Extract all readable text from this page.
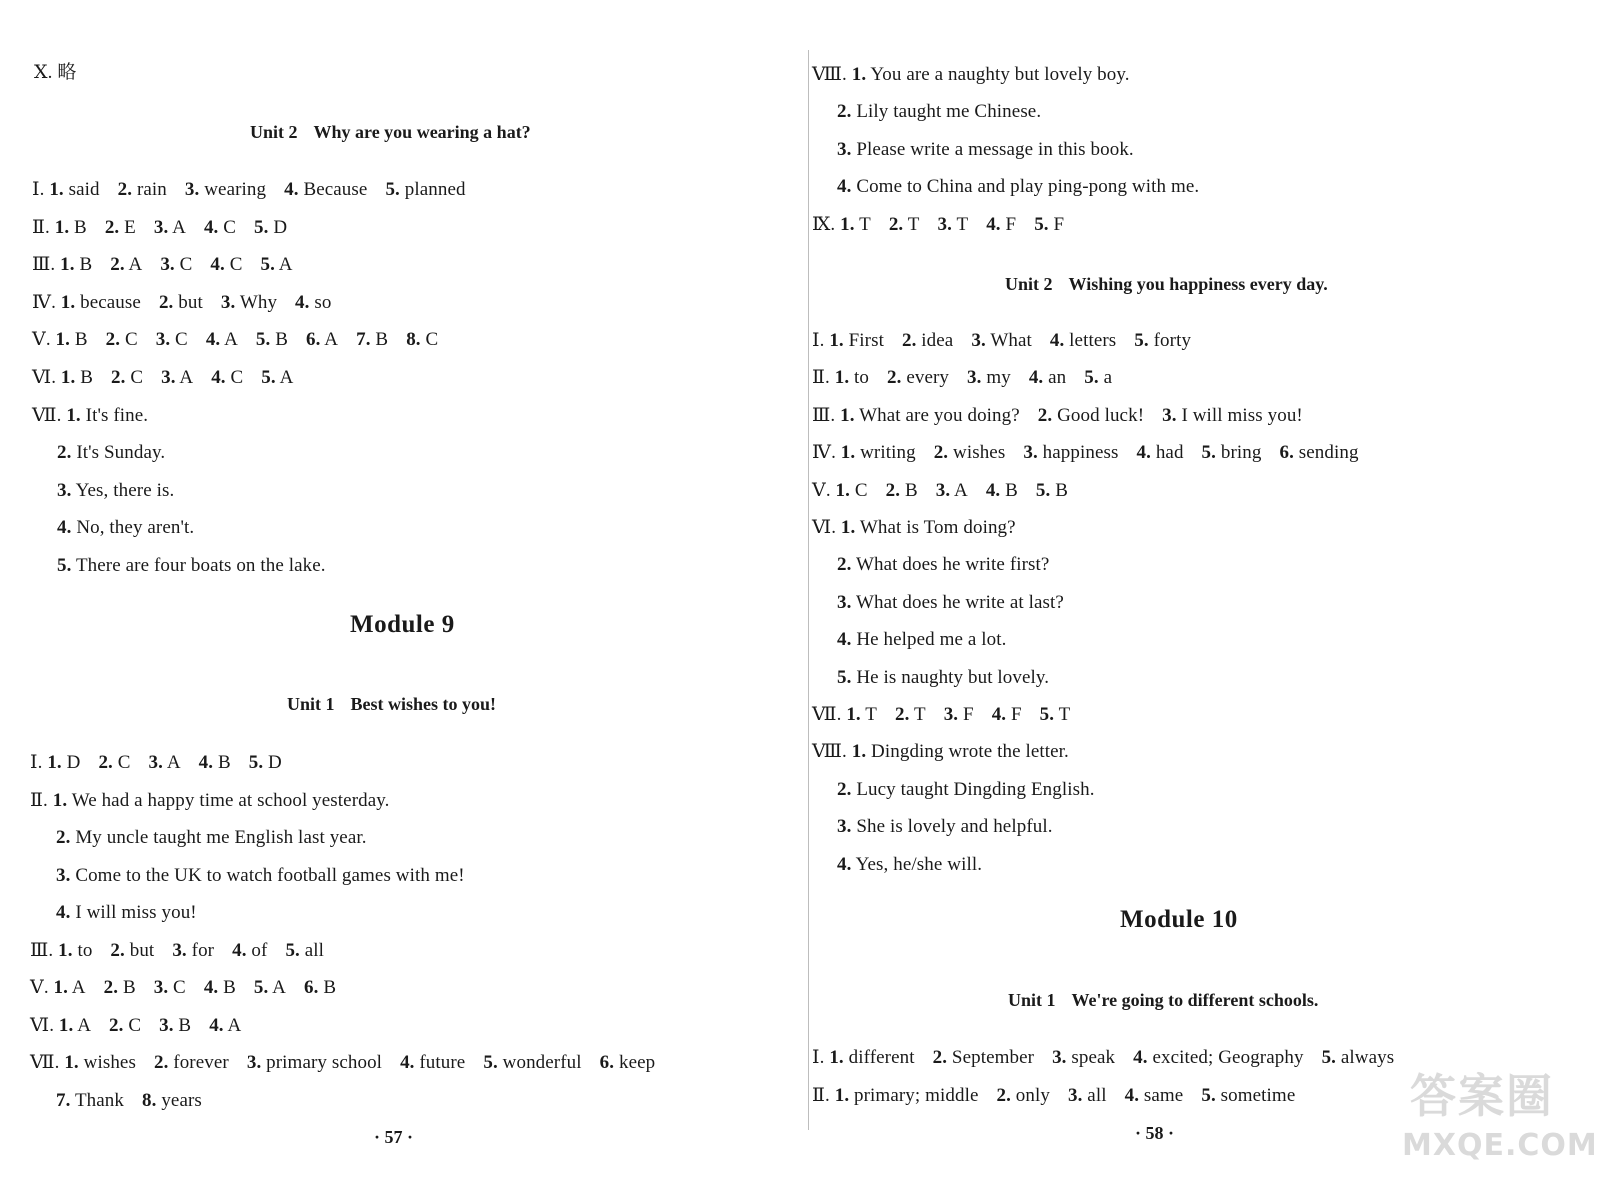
Ⅹ. 略
Unit 2 Why are you wearing a hat?
Ⅰ. 1. said 2. rain 3. wearing 4. Because 5. planned
Ⅱ. 1. B 2. E 3. A 4. C 5. D
Ⅲ. 1. B 2. A 3. C 4. C 5. A
Ⅳ. 1. because 2. but 3. Why 4. so
Ⅴ. 1. B 2. C 3. C 4. A 5. B 6. A 7. B 8. C
Ⅵ. 1. B 2. C 3. A 4. C 5. A
Ⅶ. 1. It's fine.
2. It's Sunday.
3. Yes, there is.
4. No, they aren't.
5. There are four boats on the lake.
Module 9
Unit 1 Best wishes to you!
Ⅰ. 1. D 2. C 3. A 4. B 5. D
Ⅱ. 1. We had a happy time at school yesterday.
2. My uncle taught me English last year.
3. Come to the UK to watch football games with me!
4. I will miss you!
Ⅲ. 1. to 2. but 3. for 4. of 5. all
Ⅴ. 1. A 2. B 3. C 4. B 5. A 6. B
Ⅵ. 1. A 2. C 3. B 4. A
Ⅶ. 1. wishes 2. forever 3. primary school 4. future 5. wonderful 6. keep
7. Thank 8. years
· 57 ·
Ⅷ. 1. You are a naughty but lovely boy.
2. Lily taught me Chinese.
3. Please write a message in this book.
4. Come to China and play ping-pong with me.
Ⅸ. 1. T 2. T 3. T 4. F 5. F
Unit 2 Wishing you happiness every day.
Ⅰ. 1. First 2. idea 3. What 4. letters 5. forty
Ⅱ. 1. to 2. every 3. my 4. an 5. a
Ⅲ. 1. What are you doing? 2. Good luck! 3. I will miss you!
Ⅳ. 1. writing 2. wishes 3. happiness 4. had 5. bring 6. sending
Ⅴ. 1. C 2. B 3. A 4. B 5. B
Ⅵ. 1. What is Tom doing?
2. What does he write first?
3. What does he write at last?
4. He helped me a lot.
5. He is naughty but lovely.
Ⅶ. 1. T 2. T 3. F 4. F 5. T
Ⅷ. 1. Dingding wrote the letter.
2. Lucy taught Dingding English.
3. She is lovely and helpful.
4. Yes, he/she will.
Module 10
Unit 1 We're going to different schools.
Ⅰ. 1. different 2. September 3. speak 4. excited; Geography 5. always
Ⅱ. 1. primary; middle 2. only 3. all 4. same 5. sometime
· 58 ·
答案圈
MXQE.COM
